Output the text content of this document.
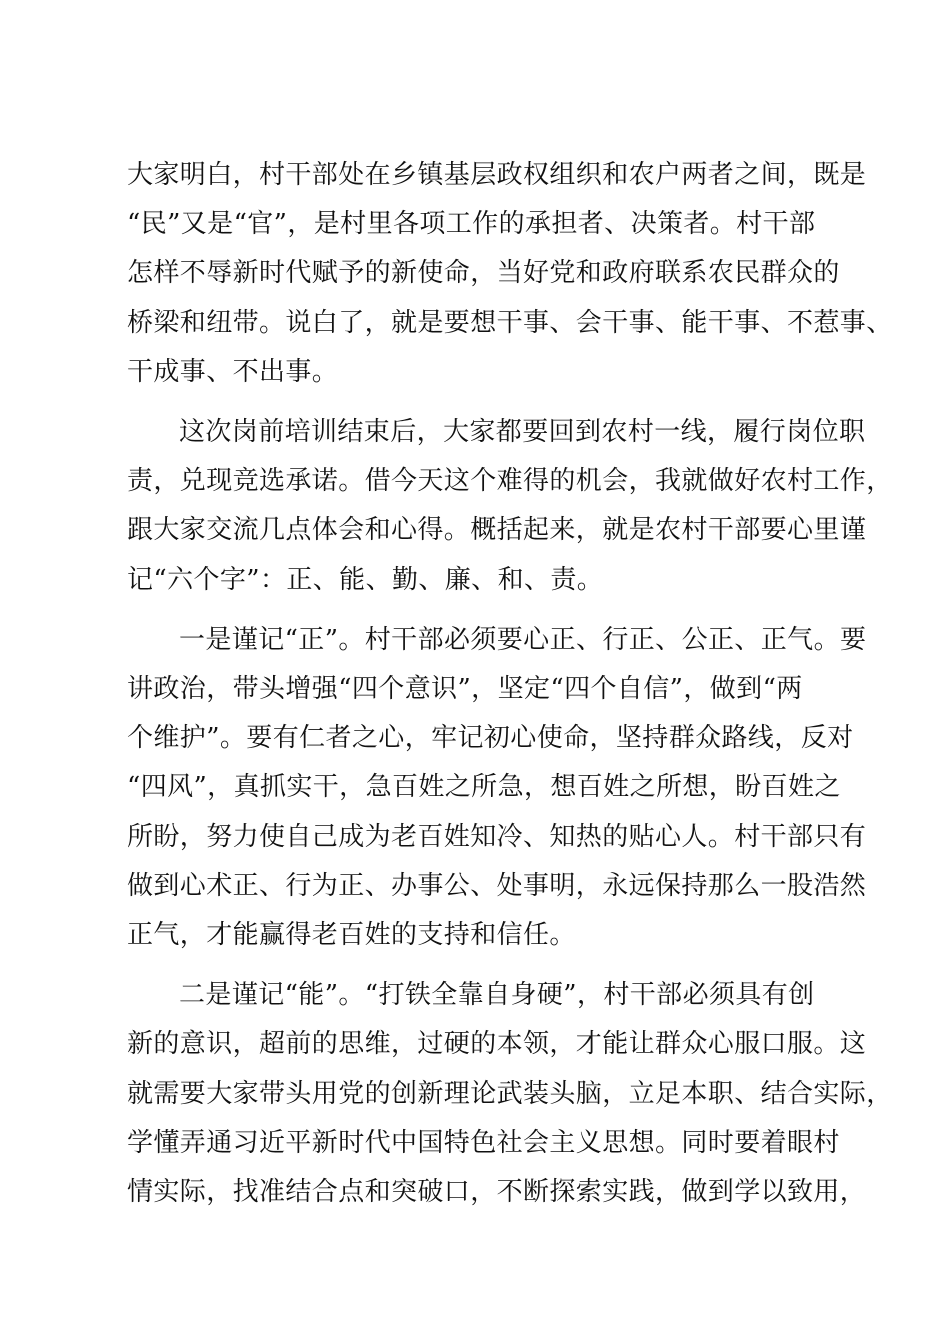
大家明白，村干部处在乡镇基层政权组织和农户两者之间，既是
“民”又是“官”，是村里各项工作的承担者、决策者。村干部
怎样不辱新时代赋予的新使命，当好党和政府联系农民群众的
桥梁和纽带。说白了，就是要想干事、会干事、能干事、不惹事、
干成事、不出事。

这次岗前培训结束后，大家都要回到农村一线，履行岗位职
责，兑现竞选承诺。借今天这个难得的机会，我就做好农村工作，
跟大家交流几点体会和心得。概括起来，就是农村干部要心里谨
记“六个字”：正、能、勤、廉、和、责。

一是谨记“正”。村干部必须要心正、行正、公正、正气。要
讲政治，带头增强“四个意识”，坚定“四个自信”，做到“两
个维护”。要有仁者之心，牢记初心使命，坚持群众路线，反对
“四风”，真抓实干，急百姓之所急，想百姓之所想，盼百姓之
所盼，努力使自己成为老百姓知冷、知热的贴心人。村干部只有
做到心术正、行为正、办事公、处事明，永远保持那么一股浩然
正气，才能赢得老百姓的支持和信任。

二是谨记“能”。“打铁全靠自身硬”，村干部必须具有创
新的意识，超前的思维，过硬的本领，才能让群众心服口服。这
就需要大家带头用党的创新理论武装头脑，立足本职、结合实际，
学懂弄通习近平新时代中国特色社会主义思想。同时要着眼村
情实际，找准结合点和突破口，不断探索实践，做到学以致用，
